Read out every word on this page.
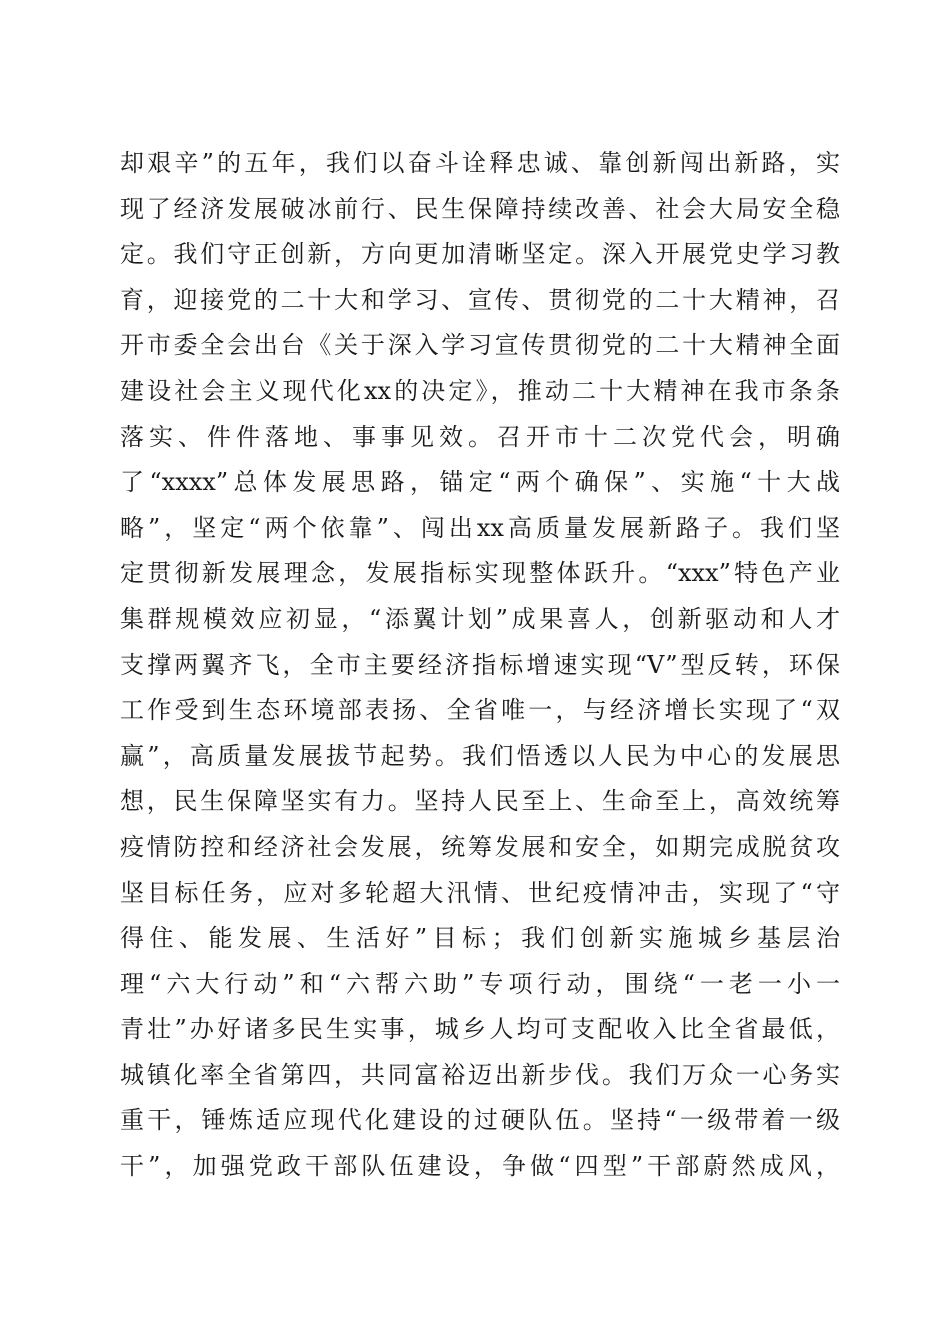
却艰辛”的五年，我们以奋斗诠释忠诚、靠创新闯出新路，实
现了经济发展破冰前行、民生保障持续改善、社会大局安全稳
定。我们守正创新，方向更加清晰坚定。深入开展党史学习教
育，迎接党的二十大和学习、宣传、贯彻党的二十大精神，召
开市委全会出台《关于深入学习宣传贯彻党的二十大精神全面
建设社会主义现代化xx的决定》，推动二十大精神在我市条条
落实、件件落地、事事见效。召开市十二次党代会，明确
了“xxxx”总体发展思路，锚定“两个确保”、实施“十大战
略”，坚定“两个依靠”、闯出xx高质量发展新路子。我们坚
定贯彻新发展理念，发展指标实现整体跃升。“xxx”特色产业
集群规模效应初显，“添翼计划”成果喜人，创新驱动和人才
支撑两翼齐飞，全市主要经济指标增速实现“V”型反转，环保
工作受到生态环境部表扬、全省唯一，与经济增长实现了“双
赢”，高质量发展拔节起势。我们悟透以人民为中心的发展思
想，民生保障坚实有力。坚持人民至上、生命至上，高效统筹
疫情防控和经济社会发展，统筹发展和安全，如期完成脱贫攻
坚目标任务，应对多轮超大汛情、世纪疫情冲击，实现了“守
得住、能发展、生活好”目标；我们创新实施城乡基层治
理“六大行动”和“六帮六助”专项行动，围绕“一老一小一
青壮”办好诸多民生实事，城乡人均可支配收入比全省最低，
城镇化率全省第四，共同富裕迈出新步伐。我们万众一心务实
重干，锤炼适应现代化建设的过硬队伍。坚持“一级带着一级
干”，加强党政干部队伍建设，争做“四型”干部蔚然成风，
